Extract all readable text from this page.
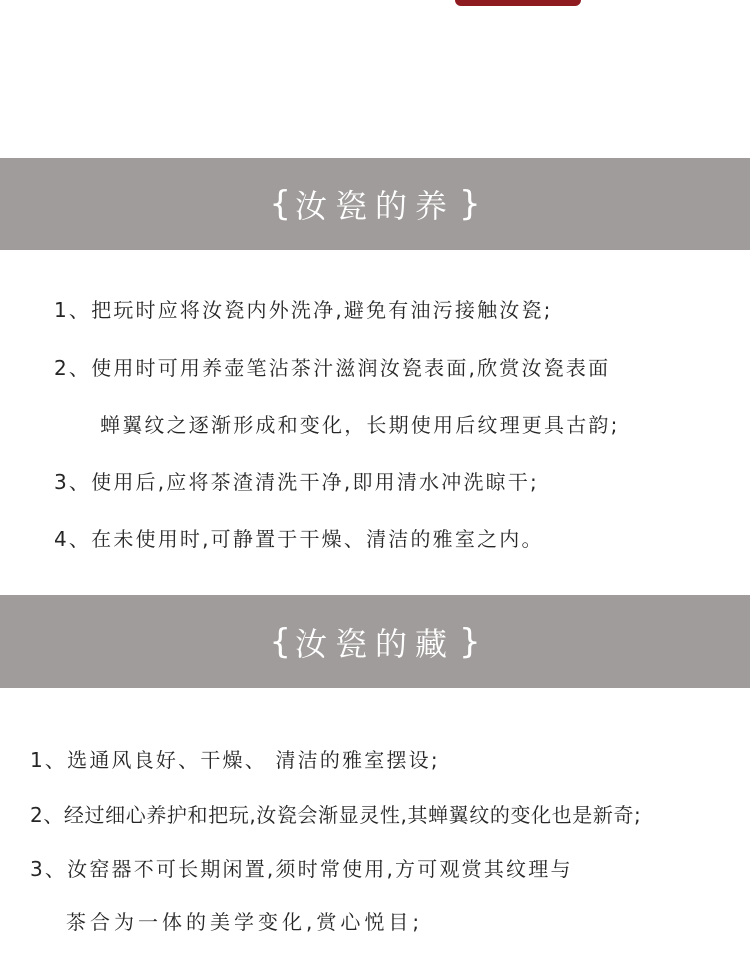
{ 汝瓷的养 }
1、把玩时应将汝瓷内外洗净,避免有油污接触汝瓷;
2、使用时可用养壶笔沾茶汁滋润汝瓷表面,欣赏汝瓷表面
蝉翼纹之逐渐形成和变化，长期使用后纹理更具古韵;
3、使用后,应将茶渣清洗干净,即用清水冲洗晾干;
4、在未使用时,可静置于干燥、清洁的雅室之内。
{ 汝瓷的藏 }
1、选通风良好、干燥、 清洁的雅室摆设;
2、经过细心养护和把玩,汝瓷会渐显灵性,其蝉翼纹的变化也是新奇;
3、汝窑器不可长期闲置,须时常使用,方可观赏其纹理与
茶合为一体的美学变化,赏心悦目;
